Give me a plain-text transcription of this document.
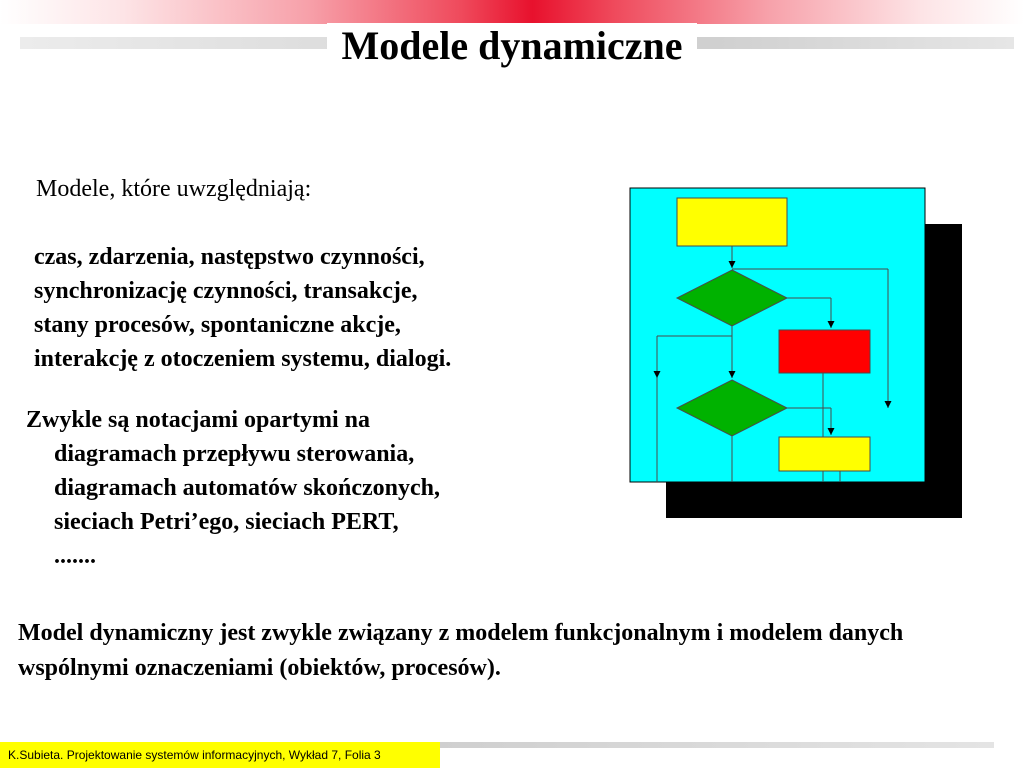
Modele dynamiczne
Modele, które uwzględniają:
czas, zdarzenia, następstwo czynności,
synchronizację czynności, transakcje,
stany procesów, spontaniczne akcje,
interakcję z otoczeniem systemu, dialogi.
Zwykle są notacjami opartymi na
diagramach przepływu sterowania,
diagramach automatów skończonych,
sieciach Petri’ego, sieciach PERT,
.......
Model dynamiczny jest zwykle związany z modelem funkcjonalnym i modelem danych wspólnymi oznaczeniami (obiektów, procesów).
K.Subieta. Projektowanie systemów informacyjnych, Wykład 7, Folia 3
